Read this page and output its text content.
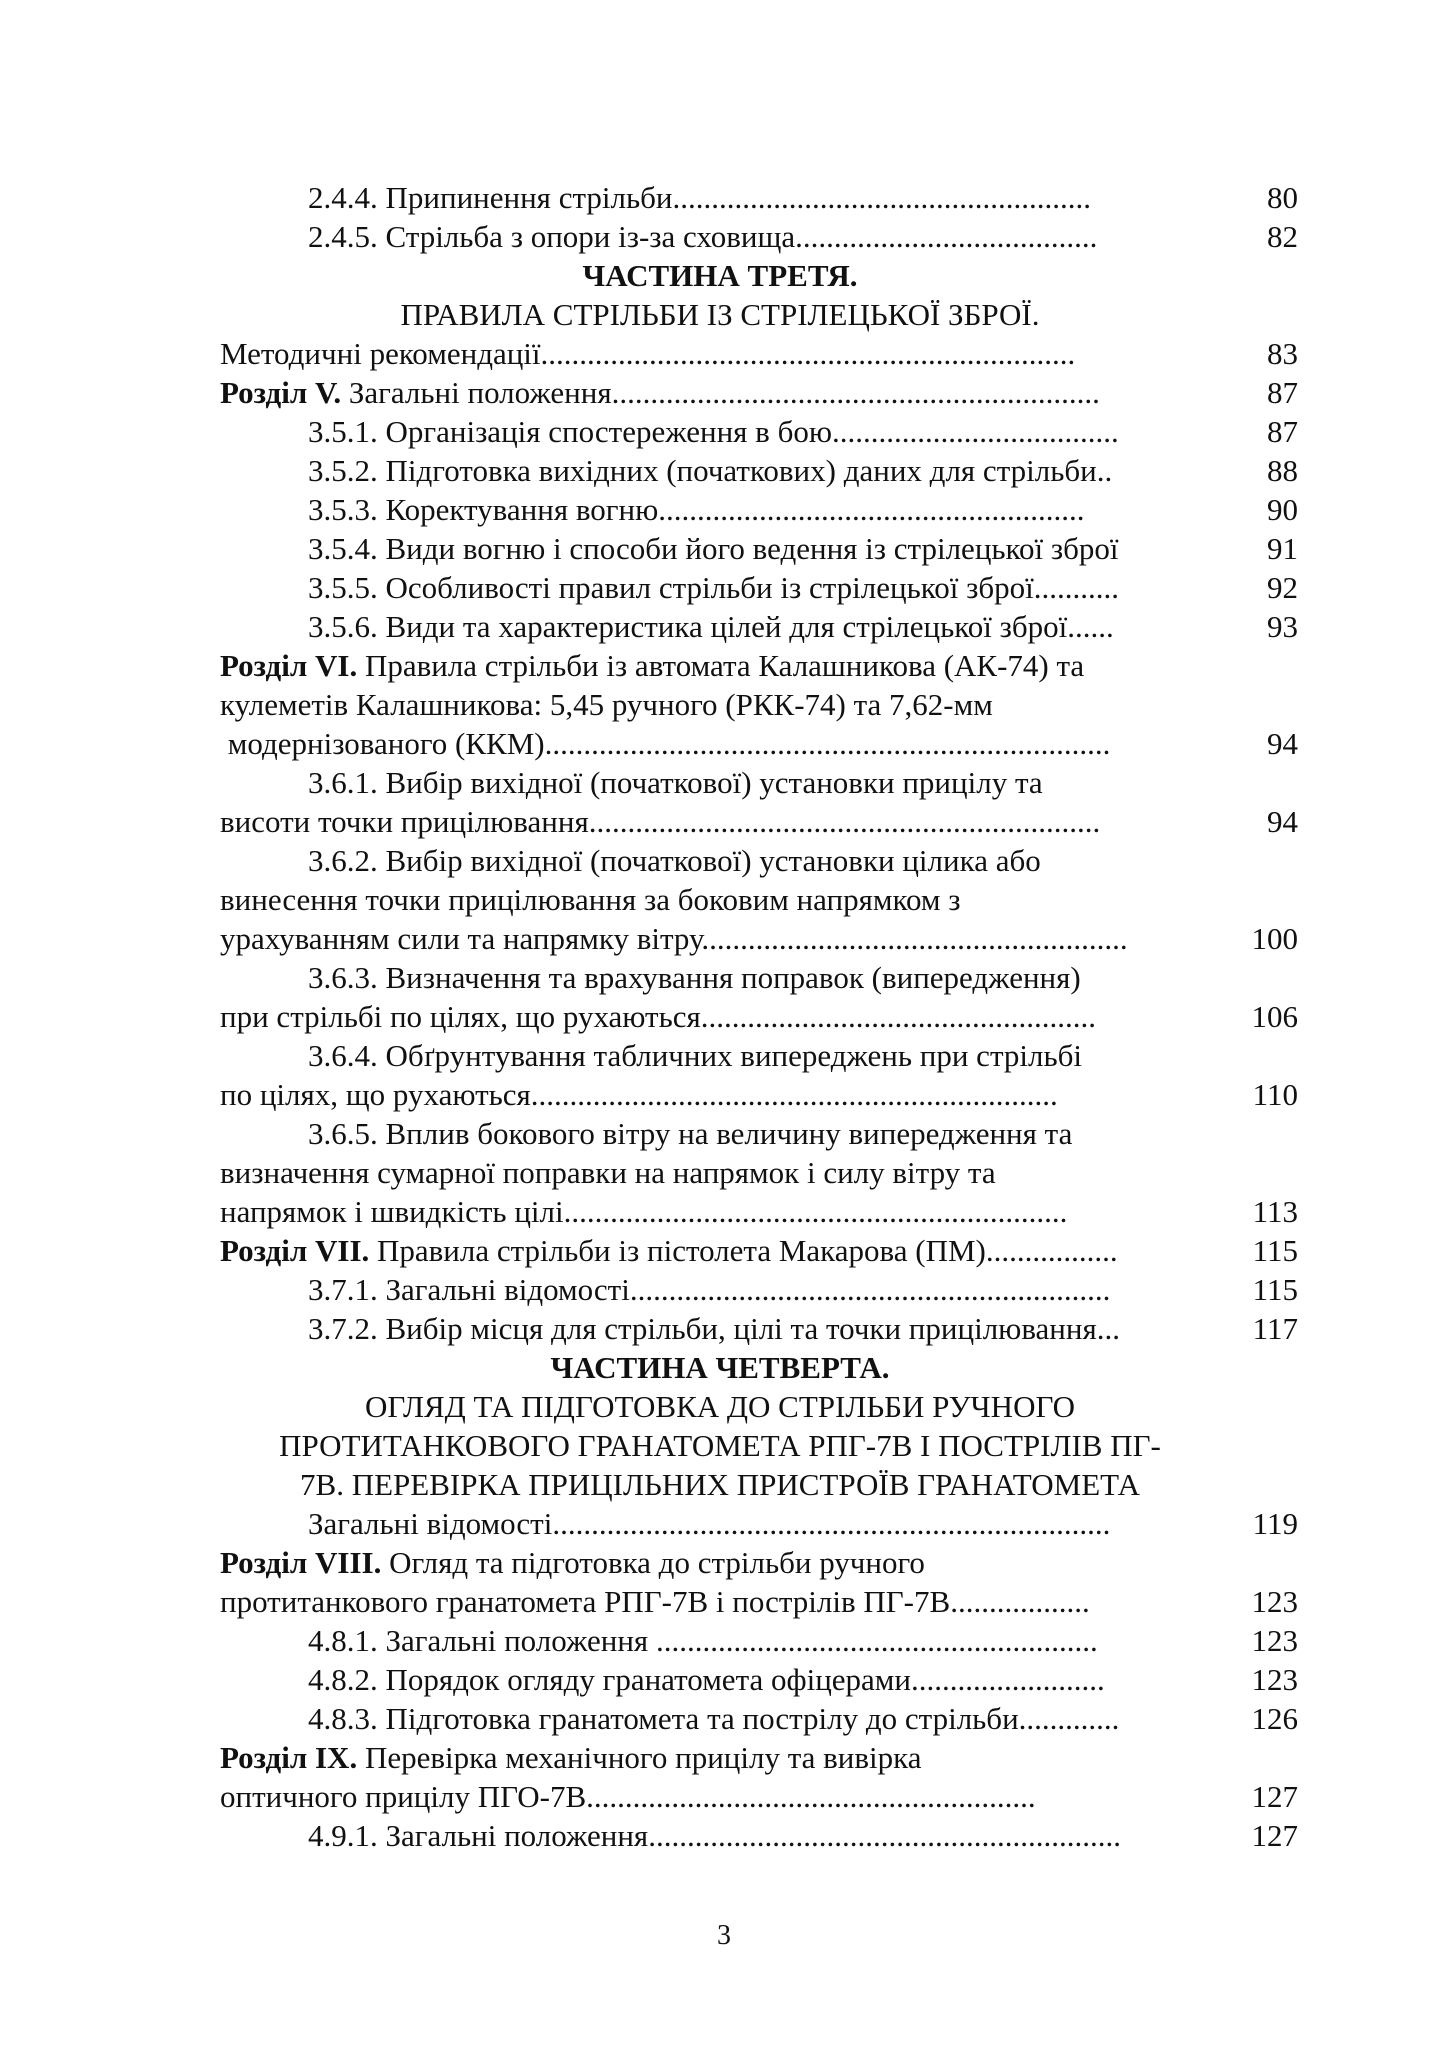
2.4.4. Припинення стрільби......................................................	80
2.4.5. Стрільба з опори із-за сховища.......................................	82
ЧАСТИНА ТРЕТЯ.
ПРАВИЛА СТРІЛЬБИ ІЗ СТРІЛЕЦЬКОЇ ЗБРОЇ.
Методичні рекомендації.....................................................................	83
Розділ V. Загальні положення...............................................................	87
3.5.1. Організація спостереження в бою.....................................	87
3.5.2. Підготовка вихідних (початкових) даних для стрільби..	88
3.5.3. Коректування вогню.......................................................	90
3.5.4. Види вогню і способи його ведення із стрілецької зброї	91
3.5.5. Особливості правил стрільби із стрілецької зброї...........	92
3.5.6. Види та характеристика цілей для стрілецької зброї......	93
Розділ VI. Правила стрільби із автомата Калашникова (АК-74) та
кулеметів Калашникова: 5,45 ручного (РКК-74) та 7,62-мм
модернізованого (ККМ).........................................................................	94
3.6.1. Вибір вихідної (початкової) установки прицілу та
висоти точки прицілювання..................................................................	94
3.6.2. Вибір вихідної (початкової) установки цілика або
винесення точки прицілювання за боковим напрямком з
урахуванням сили та напрямку вітру.......................................................	100
3.6.3. Визначення та врахування поправок (випередження)
при стрільбі по цілях, що рухаються...................................................	106
3.6.4. Обґрунтування табличних випереджень при стрільбі
по цілях, що рухаються....................................................................	110
3.6.5. Вплив бокового вітру на величину випередження та
визначення сумарної поправки на напрямок і силу вітру та
напрямок і швидкість цілі.................................................................	113
Розділ VII. Правила стрільби із пістолета Макарова (ПМ).................	115
3.7.1. Загальні відомості..............................................................	115
3.7.2. Вибір місця для стрільби, цілі та точки прицілювання...	117
ЧАСТИНА ЧЕТВЕРТА.
ОГЛЯД ТА ПІДГОТОВКА ДО СТРІЛЬБИ РУЧНОГО
ПРОТИТАНКОВОГО ГРАНАТОМЕТА РПГ-7В І ПОСТРІЛІВ ПГ-
7В. ПЕРЕВІРКА ПРИЦІЛЬНИХ ПРИСТРОЇВ ГРАНАТОМЕТА
Загальні відомості........................................................................	119
Розділ VIII. Огляд та підготовка до стрільби ручного
протитанкового гранатомета РПГ-7В і пострілів ПГ-7В..................	123
4.8.1. Загальні положення .........................................................	123
4.8.2. Порядок огляду гранатомета офіцерами.........................	123
4.8.3. Підготовка гранатомета та пострілу до стрільби.............	126
Розділ IX. Перевірка механічного прицілу та вивірка
оптичного прицілу ПГО-7В..........................................................	127
4.9.1. Загальні положення.............................................................	127
3
